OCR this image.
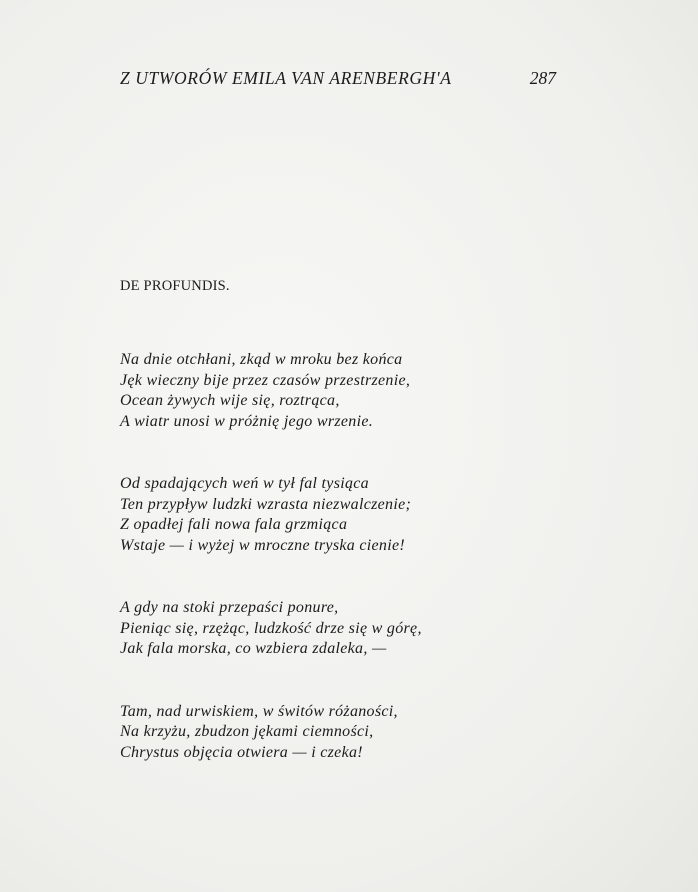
Z UTWORÓW EMILA VAN ARENBERGH'A	287
DE PROFUNDIS.
Na dnie otchłani, zkąd w mroku bez końca
Jęk wieczny bije przez czasów przestrzenie,
Ocean żywych wije się, roztrąca,
A wiatr unosi w próżnię jego wrzenie.
Od spadających weń w tył fal tysiąca
Ten przypływ ludzki wzrasta niezwalczenie;
Z opadłej fali nowa fala grzmiąca
Wstaje — i wyżej w mroczne tryska cienie!
A gdy na stoki przepaści ponure,
Pieniąc się, rzężąc, ludzkość drze się w górę,
Jak fala morska, co wzbiera zdaleka, —
Tam, nad urwiskiem, w świtów różaności,
Na krzyżu, zbudzon jękami ciemności,
Chrystus objęcia otwiera — i czeka!
